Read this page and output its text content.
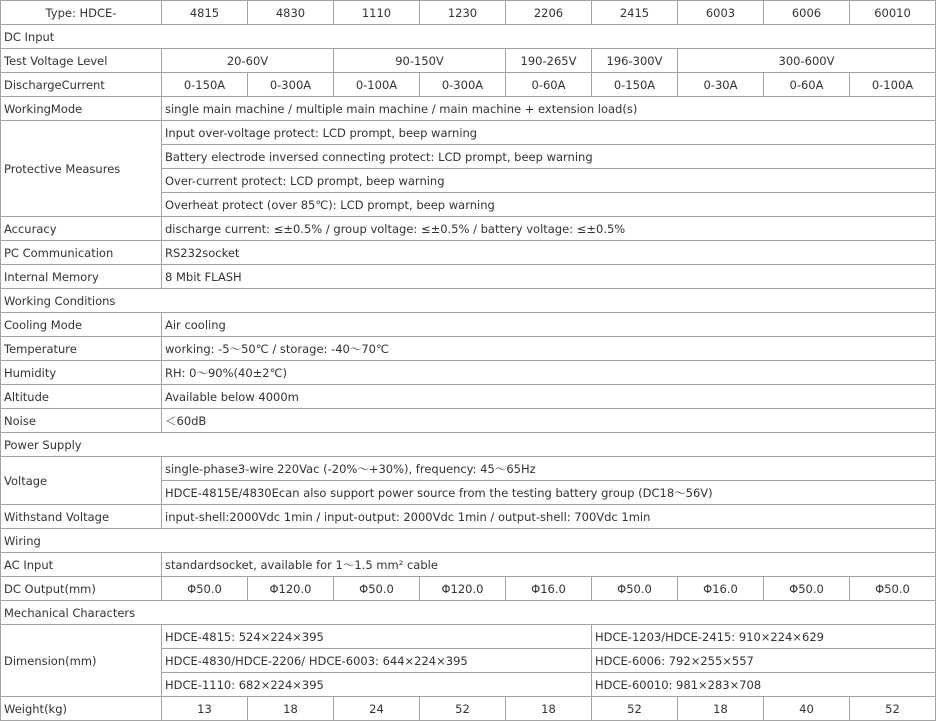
Type: HDCE-	4815	4830	1110	1230	2206	2415	6003	6006	60010
DC Input
Test Voltage Level	20-60V	90-150V	190-265V	196-300V	300-600V
DischargeCurrent	0-150A	0-300A	0-100A	0-300A	0-60A	0-150A	0-30A	0-60A	0-100A
WorkingMode	single main machine / multiple main machine / main machine + extension load(s)
Protective Measures
Input over-voltage protect: LCD prompt, beep warning
Battery electrode inversed connecting protect: LCD prompt, beep warning
Over-current protect: LCD prompt, beep warning
Overheat protect (over 85℃): LCD prompt, beep warning
Accuracy	discharge current: ≤±0.5% / group voltage: ≤±0.5% / battery voltage: ≤±0.5%
PC Communication	RS232socket
Internal Memory	8 Mbit FLASH
Working Conditions
Cooling Mode	Air cooling
Temperature	working: -5～50℃ / storage: -40～70℃
Humidity	RH: 0～90%(40±2℃)
Altitude	Available below 4000m
Noise	＜60dB
Power Supply
Voltage
single-phase3-wire 220Vac (-20%～+30%), frequency: 45～65Hz
HDCE-4815E/4830Ecan also support power source from the testing battery group (DC18～56V)
Withstand Voltage	input-shell:2000Vdc 1min / input-output: 2000Vdc 1min / output-shell: 700Vdc 1min
Wiring
AC Input	standardsocket, available for 1～1.5 mm² cable
DC Output(mm)	Φ50.0	Φ120.0	Φ50.0	Φ120.0	Φ16.0	Φ50.0	Φ16.0	Φ50.0	Φ50.0
Mechanical Characters
Dimension(mm)
HDCE-4815: 524×224×395	HDCE-1203/HDCE-2415: 910×224×629
HDCE-4830/HDCE-2206/ HDCE-6003: 644×224×395	HDCE-6006: 792×255×557
HDCE-1110: 682×224×395	HDCE-60010: 981×283×708
Weight(kg)	13	18	24	52	18	52	18	40	52
